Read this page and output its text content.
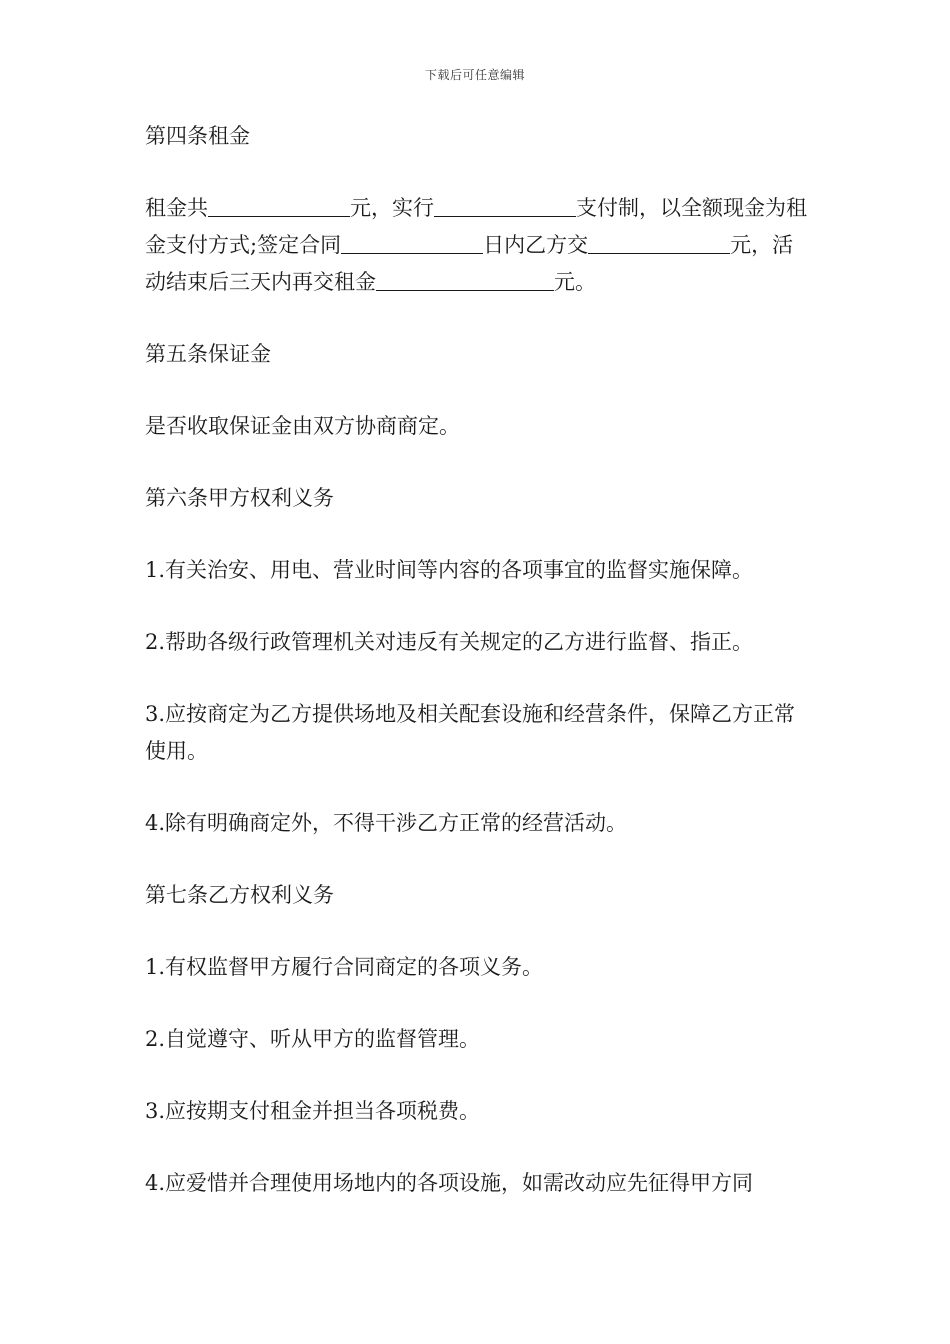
下载后可任意编辑

第四条租金

租金共	元，实行	支付制，以全额现金为租金支付方式;签定合同	日内乙方交	元，活动结束后三天内再交租金	元。

第五条保证金

是否收取保证金由双方协商商定。

第六条甲方权利义务

1.有关治安、用电、营业时间等内容的各项事宜的监督实施保障。

2.帮助各级行政管理机关对违反有关规定的乙方进行监督、指正。

3.应按商定为乙方提供场地及相关配套设施和经营条件，保障乙方正常使用。

4.除有明确商定外，不得干涉乙方正常的经营活动。

第七条乙方权利义务

1.有权监督甲方履行合同商定的各项义务。

2.自觉遵守、听从甲方的监督管理。

3.应按期支付租金并担当各项税费。

4.应爱惜并合理使用场地内的各项设施，如需改动应先征得甲方同
